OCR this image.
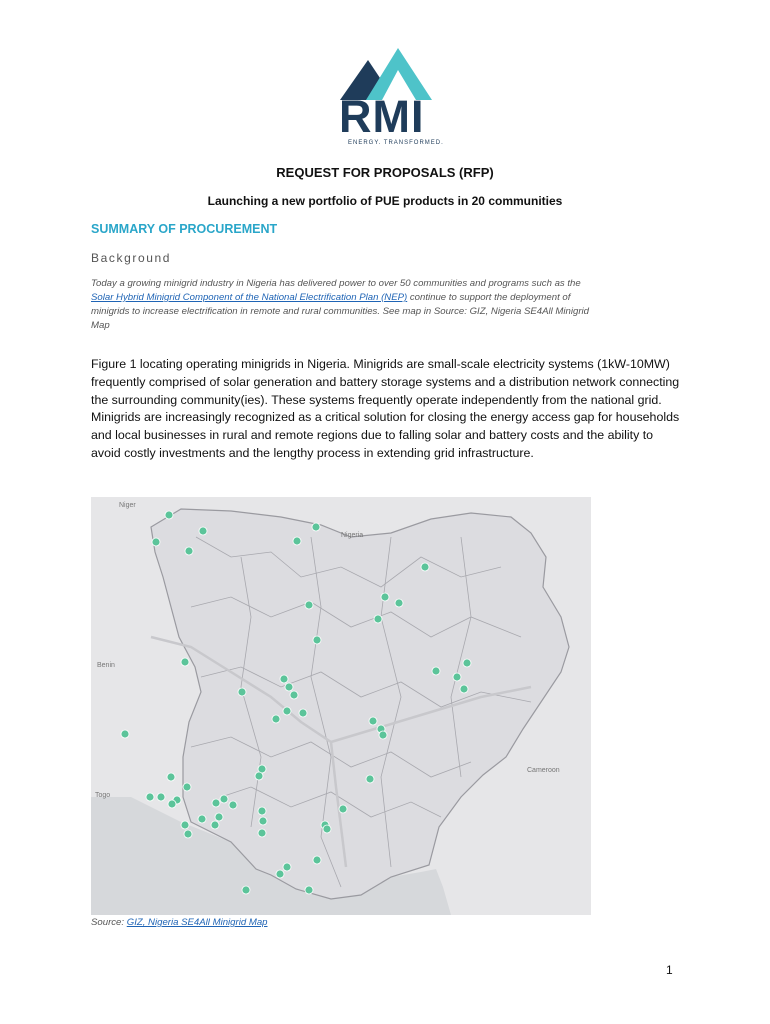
RMI
ENERGY. TRANSFORMED.
REQUEST FOR PROPOSALS (RFP)
Launching a new portfolio of PUE products in 20 communities
SUMMARY OF PROCUREMENT
Background
Today a growing minigrid industry in Nigeria has delivered power to over 50 communities and programs such as the Solar Hybrid Minigrid Component of the National Electrification Plan (NEP) continue to support the deployment of minigrids to increase electrification in remote and rural communities. See map in Source: GIZ, Nigeria SE4All Minigrid Map
Figure 1 locating operating minigrids in Nigeria. Minigrids are small-scale electricity systems (1kW-10MW) frequently comprised of solar generation and battery storage systems and a distribution network connecting the surrounding community(ies). These systems frequently operate independently from the national grid. Minigrids are increasingly recognized as a critical solution for closing the energy access gap for households and local businesses in rural and remote regions due to falling solar and battery costs and the ability to avoid costly investments and the lengthy process in extending grid infrastructure.
Niger
Cameroon
Benin
Togo
Nigeria
Source: GIZ, Nigeria SE4All Minigrid Map
1
